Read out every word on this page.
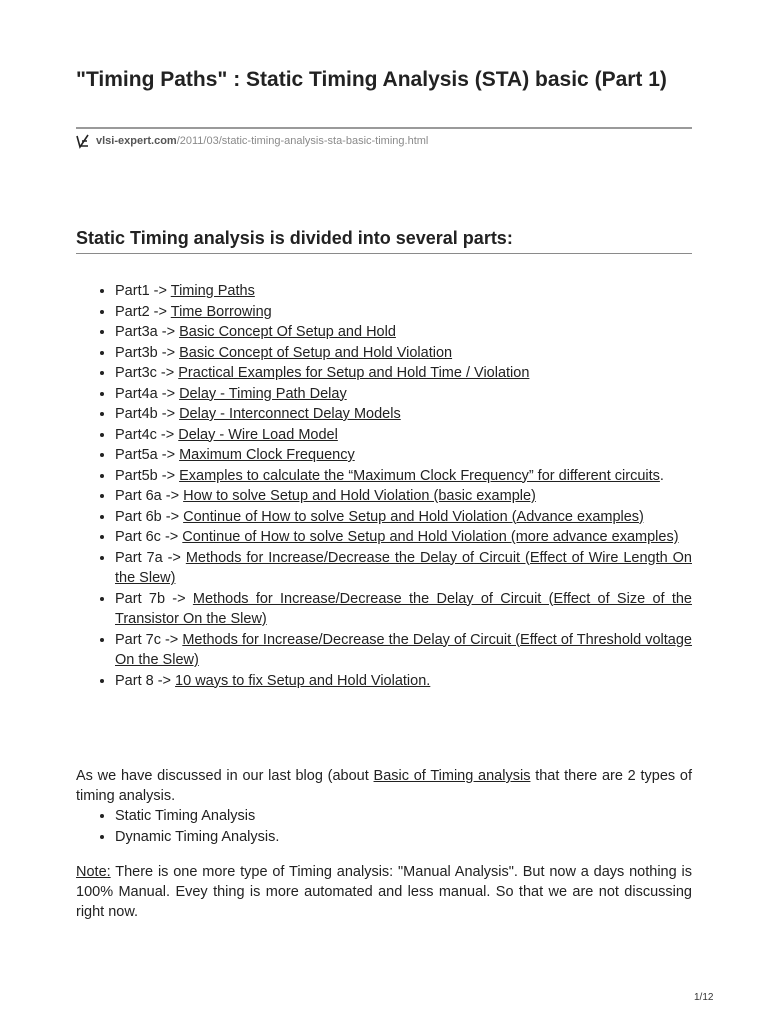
"Timing Paths" : Static Timing Analysis (STA) basic (Part 1)
vlsi-expert.com /2011/03/static-timing-analysis-sta-basic-timing.html
Static Timing analysis is divided into several parts:
• Part1 -> Timing Paths
• Part2 -> Time Borrowing
• Part3a -> Basic Concept Of Setup and Hold
• Part3b -> Basic Concept of Setup and Hold Violation
• Part3c -> Practical Examples for Setup and Hold Time / Violation
• Part4a -> Delay - Timing Path Delay
• Part4b -> Delay - Interconnect Delay Models
• Part4c -> Delay - Wire Load Model
• Part5a -> Maximum Clock Frequency
• Part5b -> Examples to calculate the “Maximum Clock Frequency” for different circuits.
• Part 6a -> How to solve Setup and Hold Violation (basic example)
• Part 6b -> Continue of How to solve Setup and Hold Violation (Advance examples)
• Part 6c -> Continue of How to solve Setup and Hold Violation (more advance examples)
• Part 7a -> Methods for Increase/Decrease the Delay of Circuit (Effect of Wire Length On the Slew)
• Part 7b -> Methods for Increase/Decrease the Delay of Circuit (Effect of Size of the Transistor On the Slew)
• Part 7c -> Methods for Increase/Decrease the Delay of Circuit (Effect of Threshold voltage On the Slew)
• Part 8 -> 10 ways to fix Setup and Hold Violation.

As we have discussed in our last blog (about Basic of Timing analysis that there are 2 types of timing analysis.

• Static Timing Analysis
• Dynamic Timing Analysis.

Note: There is one more type of Timing analysis: "Manual Analysis". But now a days nothing is 100% Manual. Evey thing is more automated and less manual. So that we are not discussing right now.

1/12
